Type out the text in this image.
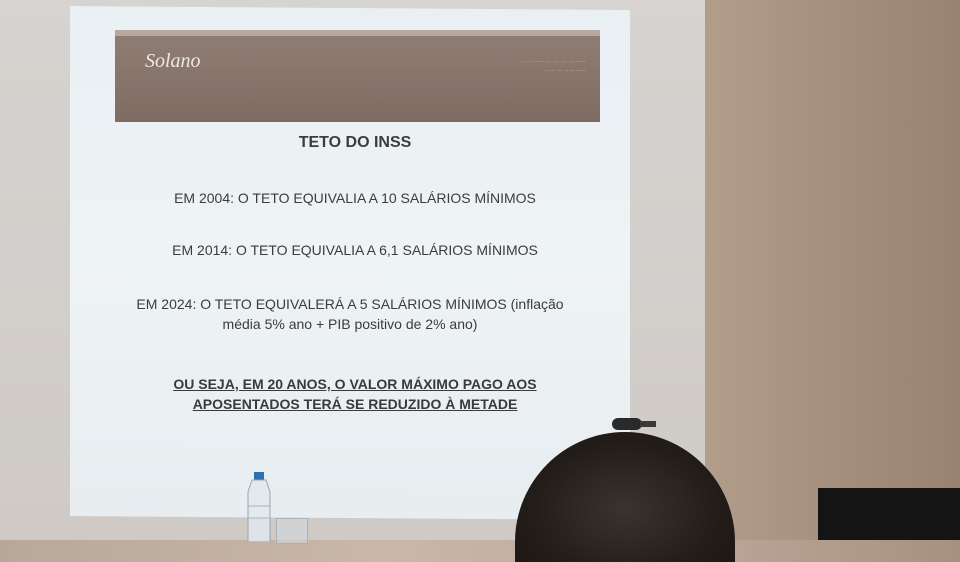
Solano	·· ··· ····· ··· ··· ··· ··· ·····
····· ··· ····· ·····
TETO DO INSS
EM 2004: O TETO EQUIVALIA A 10 SALÁRIOS MÍNIMOS
EM 2014: O TETO EQUIVALIA A 6,1 SALÁRIOS MÍNIMOS
EM 2024: O TETO EQUIVALERÁ A 5 SALÁRIOS MÍNIMOS (inflação
média 5% ano + PIB positivo de 2% ano)
OU SEJA, EM 20 ANOS, O VALOR MÁXIMO PAGO AOS
APOSENTADOS TERÁ SE REDUZIDO À METADE
